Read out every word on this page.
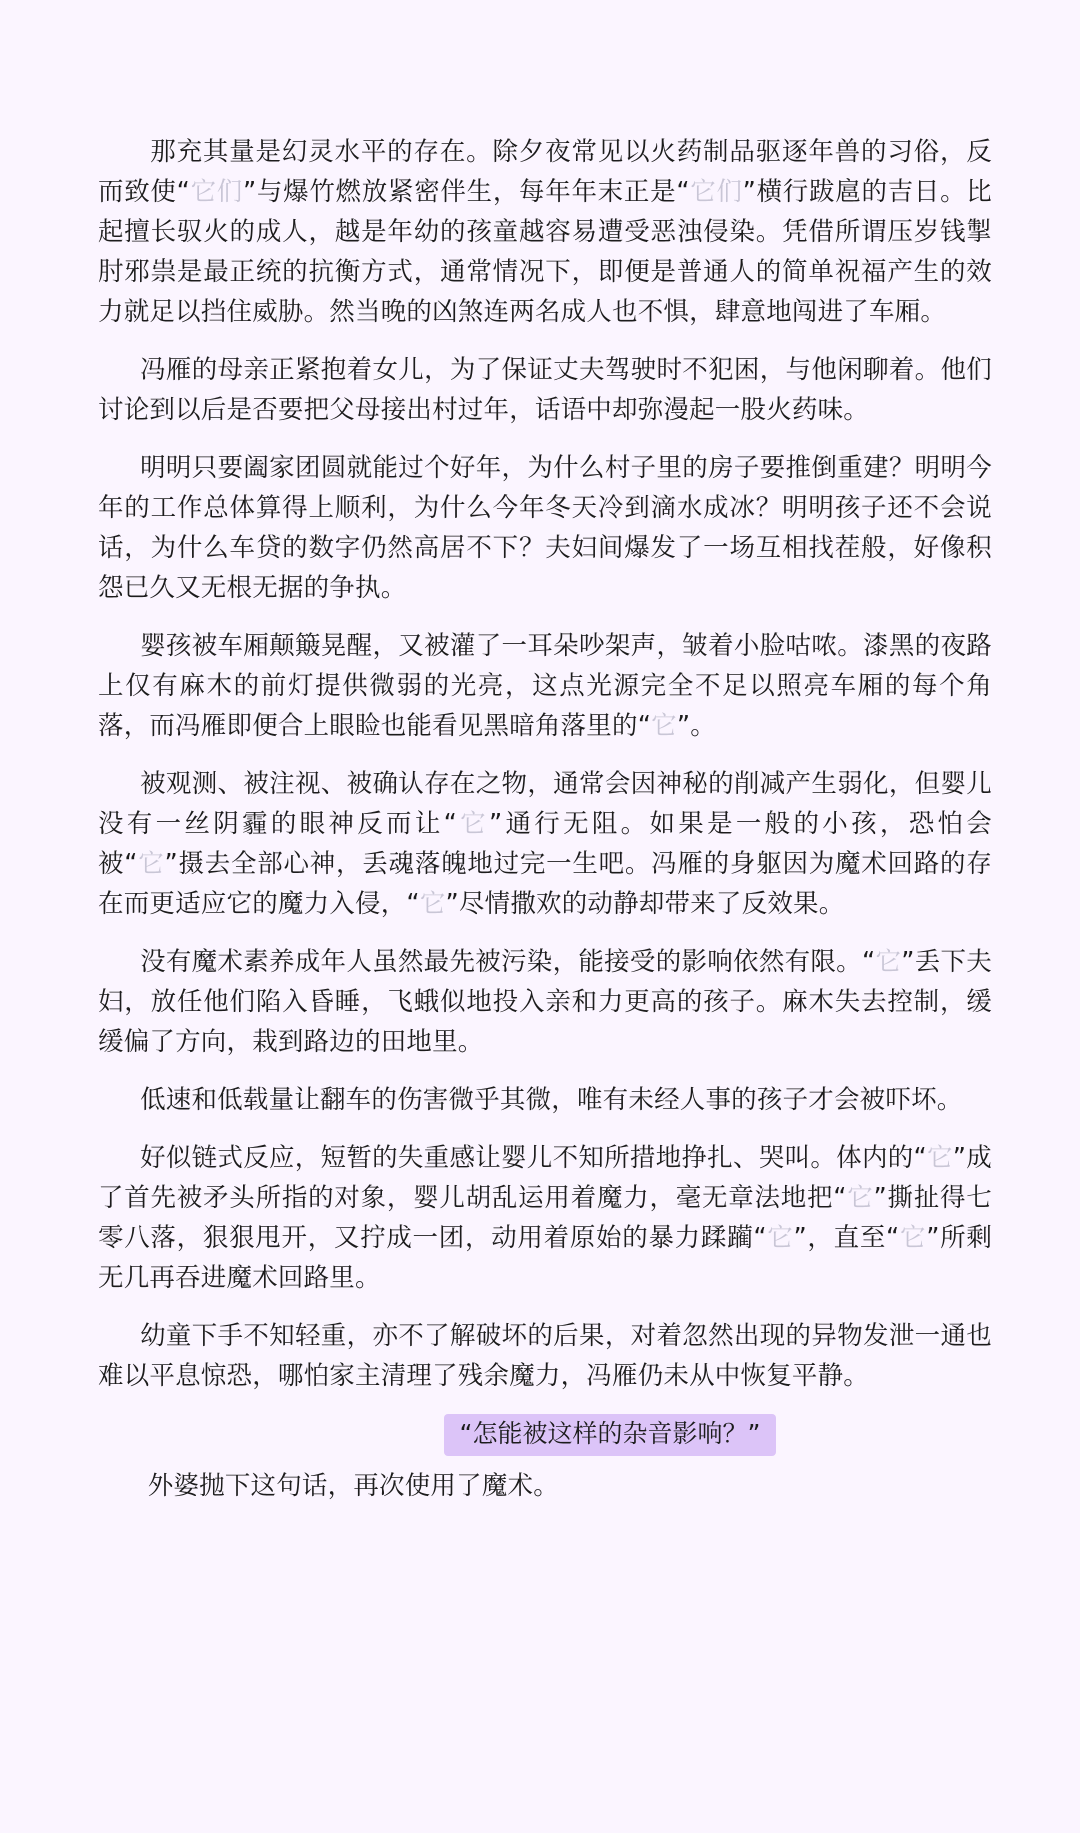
那充其量是幻灵水平的存在。除夕夜常见以火药制品驱逐年兽的习俗，反而致使“它们”与爆竹燃放紧密伴生，每年年末正是“它们”横行跋扈的吉日。比起擅长驭火的成人，越是年幼的孩童越容易遭受恶浊侵染。凭借所谓压岁钱掣肘邪祟是最正统的抗衡方式，通常情况下，即便是普通人的简单祝福产生的效力就足以挡住威胁。然当晚的凶煞连两名成人也不惧，肆意地闯进了车厢。

冯雁的母亲正紧抱着女儿，为了保证丈夫驾驶时不犯困，与他闲聊着。他们讨论到以后是否要把父母接出村过年，话语中却弥漫起一股火药味。

明明只要阖家团圆就能过个好年，为什么村子里的房子要推倒重建？明明今年的工作总体算得上顺利，为什么今年冬天冷到滴水成冰？明明孩子还不会说话，为什么车贷的数字仍然高居不下？夫妇间爆发了一场互相找茬般，好像积怨已久又无根无据的争执。

婴孩被车厢颠簸晃醒，又被灌了一耳朵吵架声，皱着小脸咕哝。漆黑的夜路上仅有麻木的前灯提供微弱的光亮，这点光源完全不足以照亮车厢的每个角落，而冯雁即便合上眼睑也能看见黑暗角落里的“它”。

被观测、被注视、被确认存在之物，通常会因神秘的削减产生弱化，但婴儿没有一丝阴霾的眼神反而让“它”通行无阻。如果是一般的小孩，恐怕会被“它”摄去全部心神，丢魂落魄地过完一生吧。冯雁的身躯因为魔术回路的存在而更适应它的魔力入侵，“它”尽情撒欢的动静却带来了反效果。

没有魔术素养成年人虽然最先被污染，能接受的影响依然有限。“它”丢下夫妇，放任他们陷入昏睡，飞蛾似地投入亲和力更高的孩子。麻木失去控制，缓缓偏了方向，栽到路边的田地里。

低速和低载量让翻车的伤害微乎其微，唯有未经人事的孩子才会被吓坏。

好似链式反应，短暂的失重感让婴儿不知所措地挣扎、哭叫。体内的“它”成了首先被矛头所指的对象，婴儿胡乱运用着魔力，毫无章法地把“它”撕扯得七零八落，狠狠甩开，又拧成一团，动用着原始的暴力蹂躏“它”，直至“它”所剩无几再吞进魔术回路里。

幼童下手不知轻重，亦不了解破坏的后果，对着忽然出现的异物发泄一通也难以平息惊恐，哪怕家主清理了残余魔力，冯雁仍未从中恢复平静。

“怎能被这样的杂音影响？”

外婆抛下这句话，再次使用了魔术。
